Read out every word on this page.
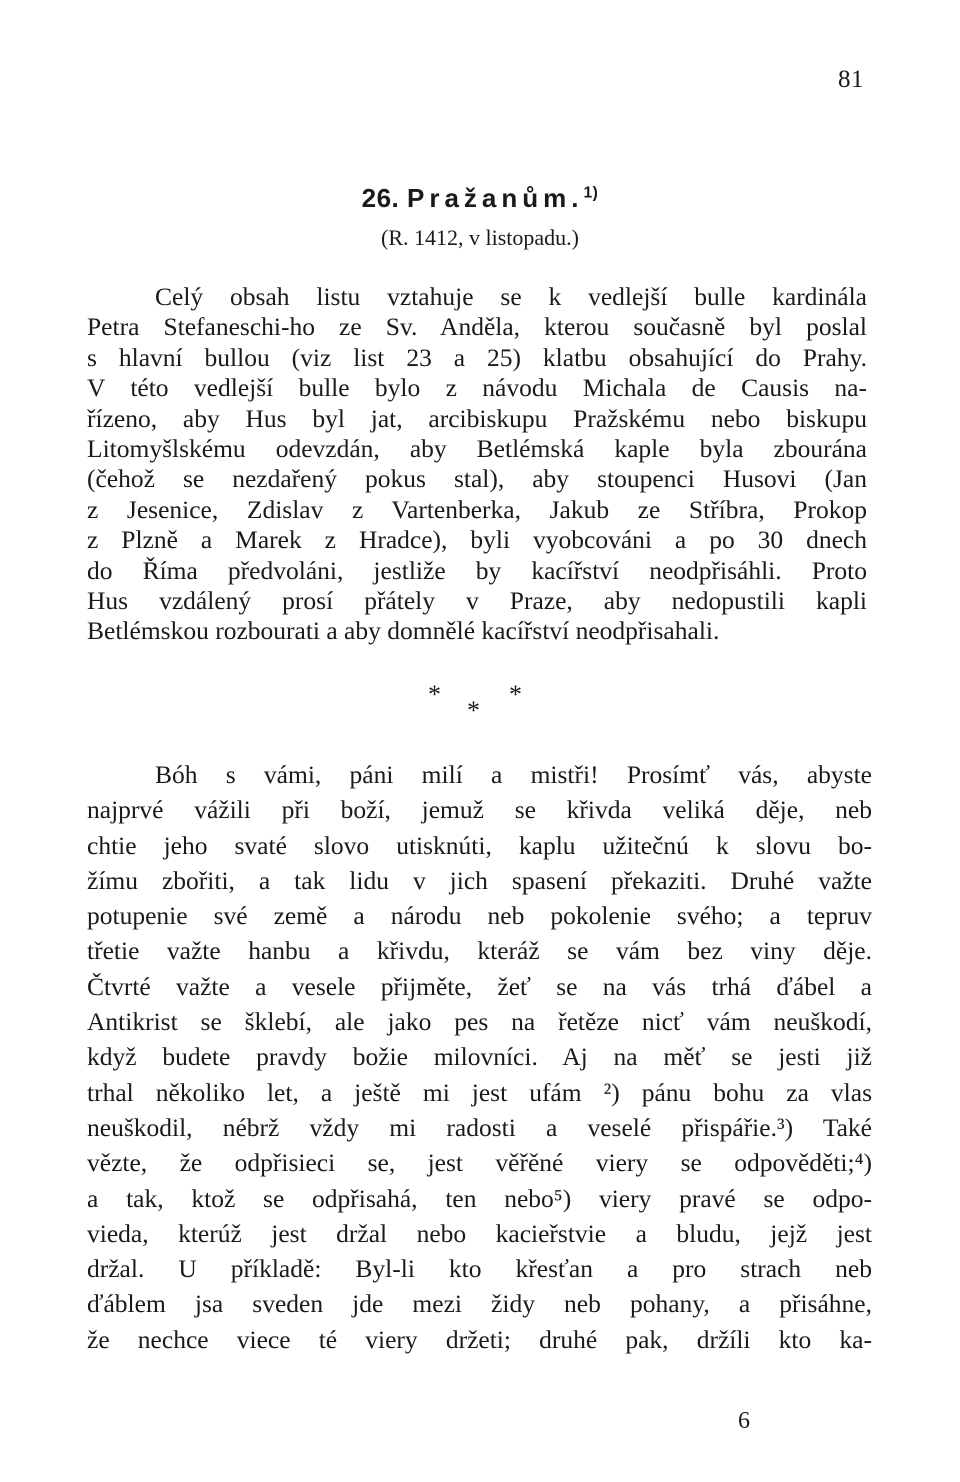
81
26. Pražanům.$^{1)}$
(R. 1412, v listopadu.)
Celý obsah listu vztahuje se k vedlejší bulle kardinála
Petra Stefaneschi-ho ze Sv. Anděla, kterou současně byl poslal
s hlavní bullou (viz list 23 a 25) klatbu obsahující do Prahy.
V této vedlejší bulle bylo z návodu Michala de Causis na-
řízeno, aby Hus byl jat, arcibiskupu Pražskému nebo biskupu
Litomyšlskému odevzdán, aby Betlémská kaple byla zbourána
(čehož se nezdařený pokus stal), aby stoupenci Husovi (Jan
z Jesenice, Zdislav z Vartenberka, Jakub ze Stříbra, Prokop
z Plzně a Marek z Hradce), byli vyobcováni a po 30 dnech
do Říma předvoláni, jestliže by kacířství neodpřisáhli. Proto
Hus vzdálený prosí přátely v Praze, aby nedopustili kapli
Betlémskou rozbourati a aby domnělé kacířství neodpřisahali.
*	*
*
Bóh s vámi, páni milí a mistři! Prosímť vás, abyste
najprvé vážili při boží, jemuž se křivda veliká děje, neb
chtie jeho svaté slovo utisknúti, kaplu užitečnú k slovu bo-
žímu zbořiti, a tak lidu v jich spasení překaziti. Druhé važte
potupenie své země a národu neb pokolenie svého; a tepruv
třetie važte hanbu a křivdu, kteráž se vám bez viny děje.
Čtvrté važte a vesele přijměte, žeť se na vás trhá ďábel a
Antikrist se šklebí, ale jako pes na řetěze nicť vám neuškodí,
když budete pravdy božie milovníci. Aj na měť se jesti již
trhal několiko let, a ještě mi jest ufám ²) pánu bohu za vlas
neuškodil, nébrž vždy mi radosti a veselé přispářie.³) Také
vězte, že odpřisieci se, jest věřěné viery se odpověděti;⁴)
a tak, ktož se odpřisahá, ten nebo⁵) viery pravé se odpo-
vieda, kterúž jest držal nebo kacieřstvie a bludu, jejž jest
držal. U příkladě: Byl-li kto křesťan a pro strach neb
ďáblem jsa sveden jde mezi židy neb pohany, a přisáhne,
že nechce viece té viery držeti; druhé pak, držíli kto ka-
6
